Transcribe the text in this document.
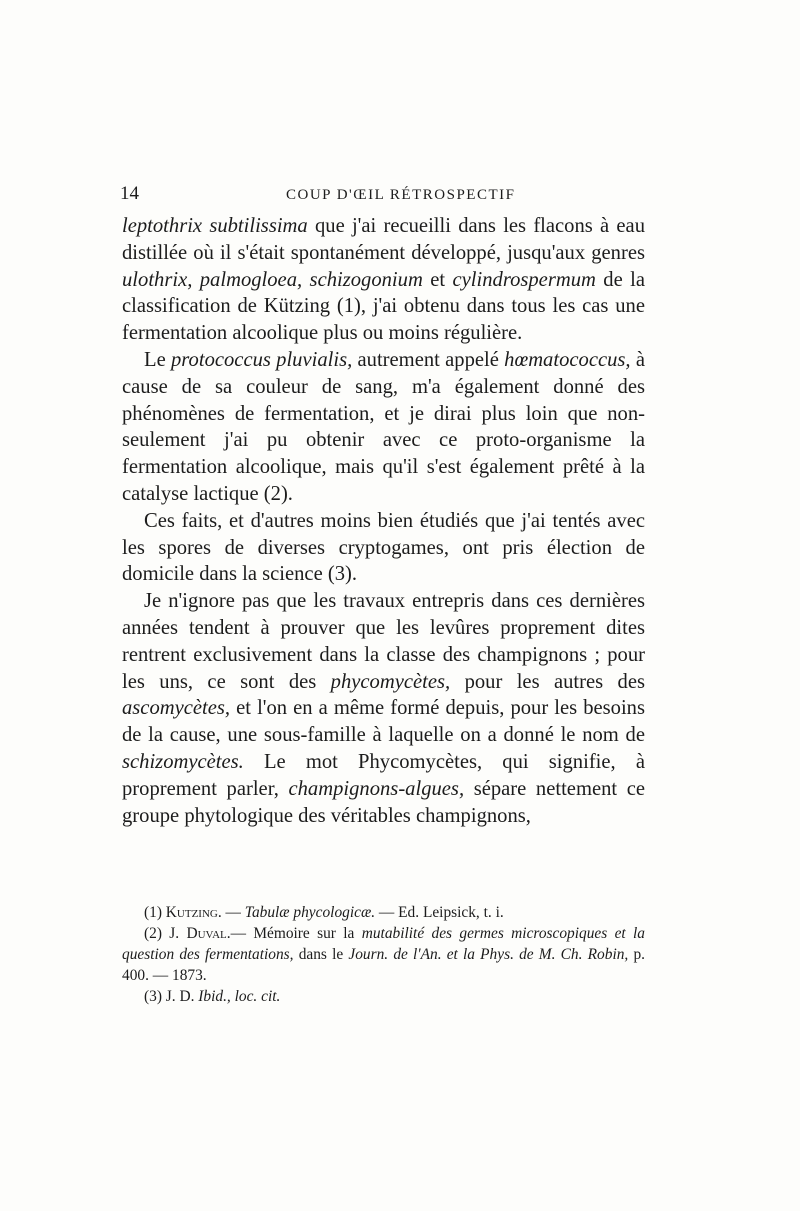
14	COUP D'ŒIL RÉTROSPECTIF

leptothrix subtilissima que j'ai recueilli dans les flacons à eau distillée où il s'était spontanément développé, jusqu'aux genres ulothrix, palmogloea, schizogonium et cylindrospermum de la classification de Kützing (1), j'ai obtenu dans tous les cas une fermentation alcoolique plus ou moins régulière.

Le protococcus pluvialis, autrement appelé hœmatococcus, à cause de sa couleur de sang, m'a également donné des phénomènes de fermentation, et je dirai plus loin que non-seulement j'ai pu obtenir avec ce proto-organisme la fermentation alcoolique, mais qu'il s'est également prêté à la catalyse lactique (2).

Ces faits, et d'autres moins bien étudiés que j'ai tentés avec les spores de diverses cryptogames, ont pris élection de domicile dans la science (3).

Je n'ignore pas que les travaux entrepris dans ces dernières années tendent à prouver que les levûres proprement dites rentrent exclusivement dans la classe des champignons ; pour les uns, ce sont des phycomycètes, pour les autres des ascomycètes, et l'on en a même formé depuis, pour les besoins de la cause, une sous-famille à laquelle on a donné le nom de schizomycètes. Le mot Phycomycètes, qui signifie, à proprement parler, champignons-algues, sépare nettement ce groupe phytologique des véritables champignons,

(1) Kutzing. — Tabulæ phycologicæ. — Ed. Leipsick, t. i.

(2) J. Duval.— Mémoire sur la mutabilité des germes microscopiques et la question des fermentations, dans le Journ. de l'An. et la Phys. de M. Ch. Robin, p. 400. — 1873.

(3) J. D. Ibid., loc. cit.
